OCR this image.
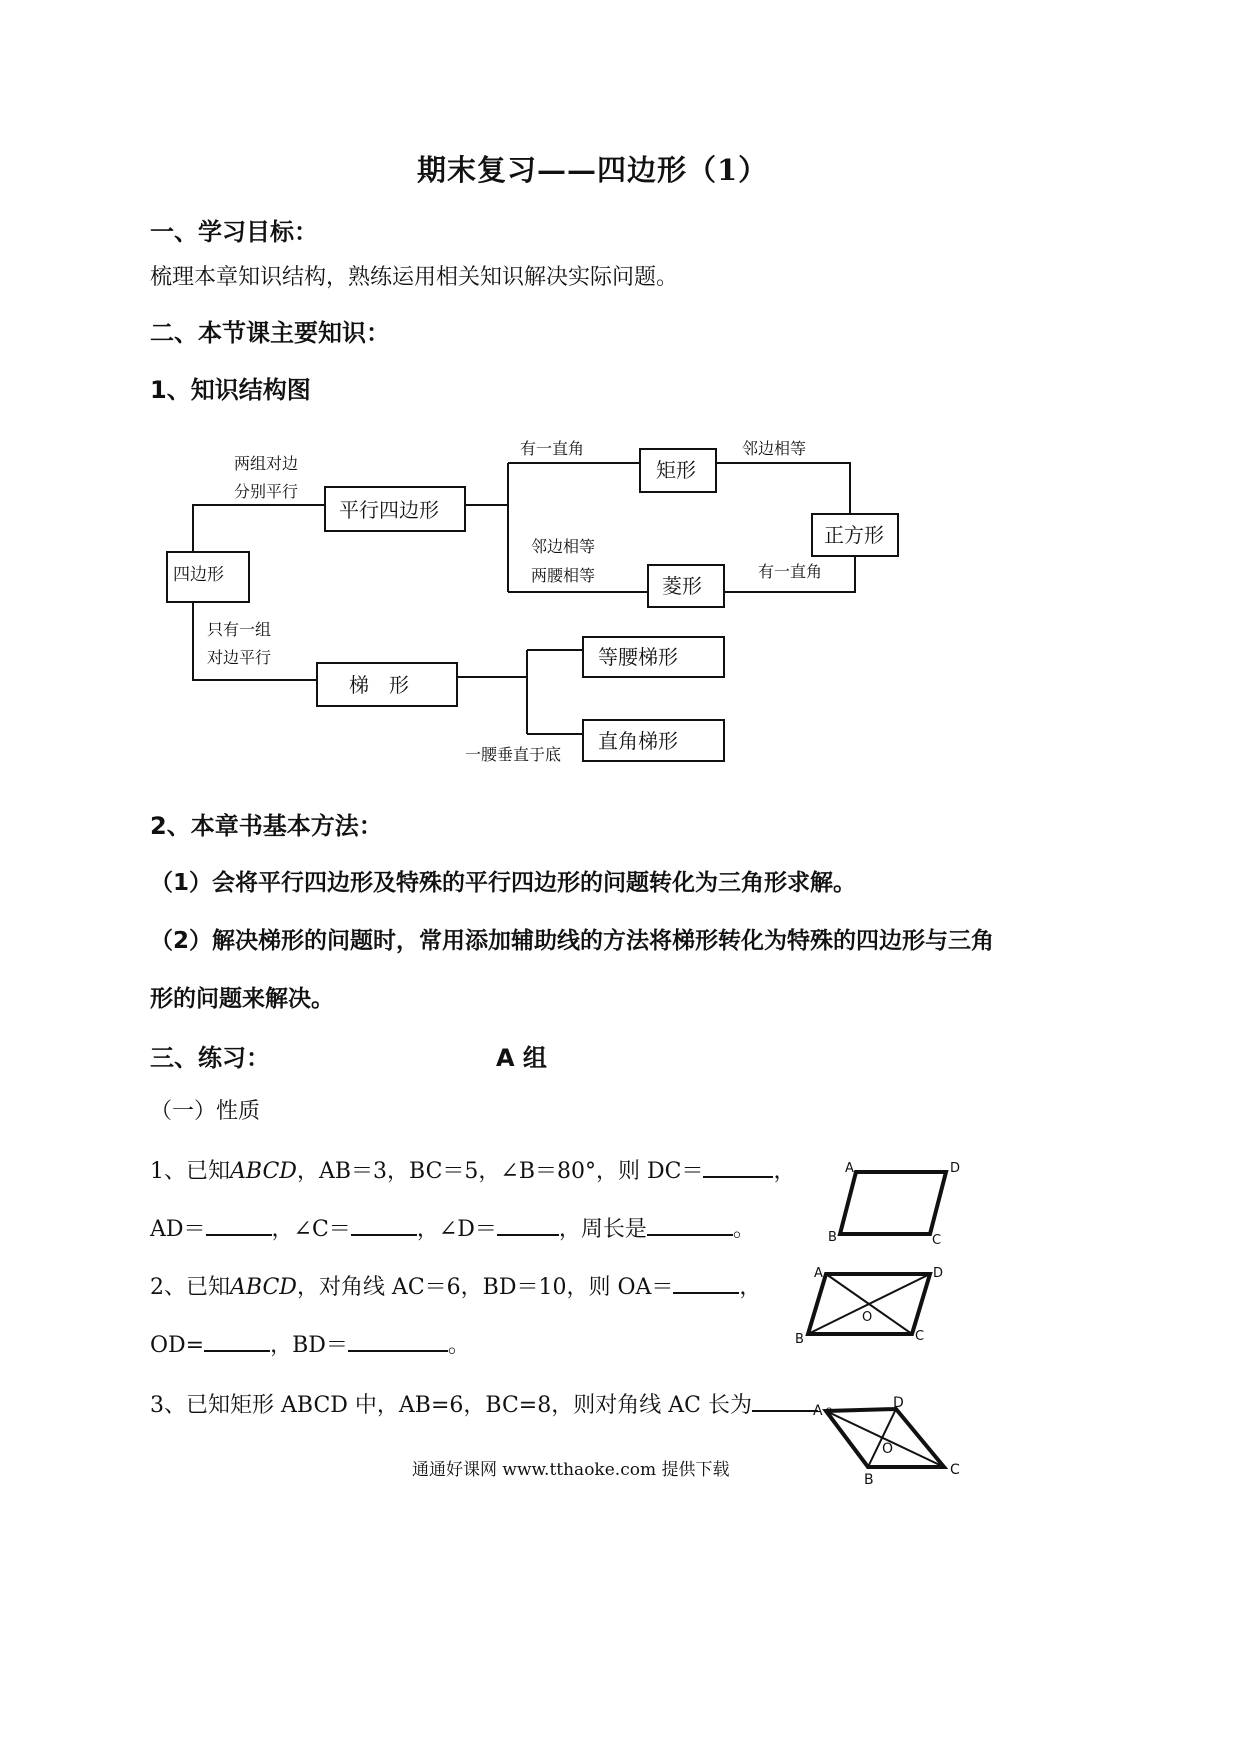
期末复习——四边形（1）
一、学习目标：
梳理本章知识结构，熟练运用相关知识解决实际问题。
二、本节课主要知识：
1、知识结构图
四边形
平行四边形
矩形
正方形
菱形
梯　形
等腰梯形
直角梯形
两组对边
分别平行
有一直角	邻边相等
邻边相等
两腰相等	有一直角
只有一组
对边平行
一腰垂直于底
2、本章书基本方法：
（1）会将平行四边形及特殊的平行四边形的问题转化为三角形求解。
（2）解决梯形的问题时，常用添加辅助线的方法将梯形转化为特殊的四边形与三角
形的问题来解决。
三、练习：	A 组
（一）性质
1、已知ABCD，AB＝3，BC＝5，∠B＝80°，则 DC＝	，
AD＝	，∠C＝	，∠D＝	，周长是	。
2、已知ABCD，对角线 AC＝6，BD＝10，则 OA＝	，
OD=	，BD＝	。
3、已知矩形 ABCD 中，AB=6，BC=8，则对角线 AC 长为	。
A	D
B	C
A	D
B	C
O
A	D
B
C
O
通通好课网 www.tthaoke.com 提供下载
